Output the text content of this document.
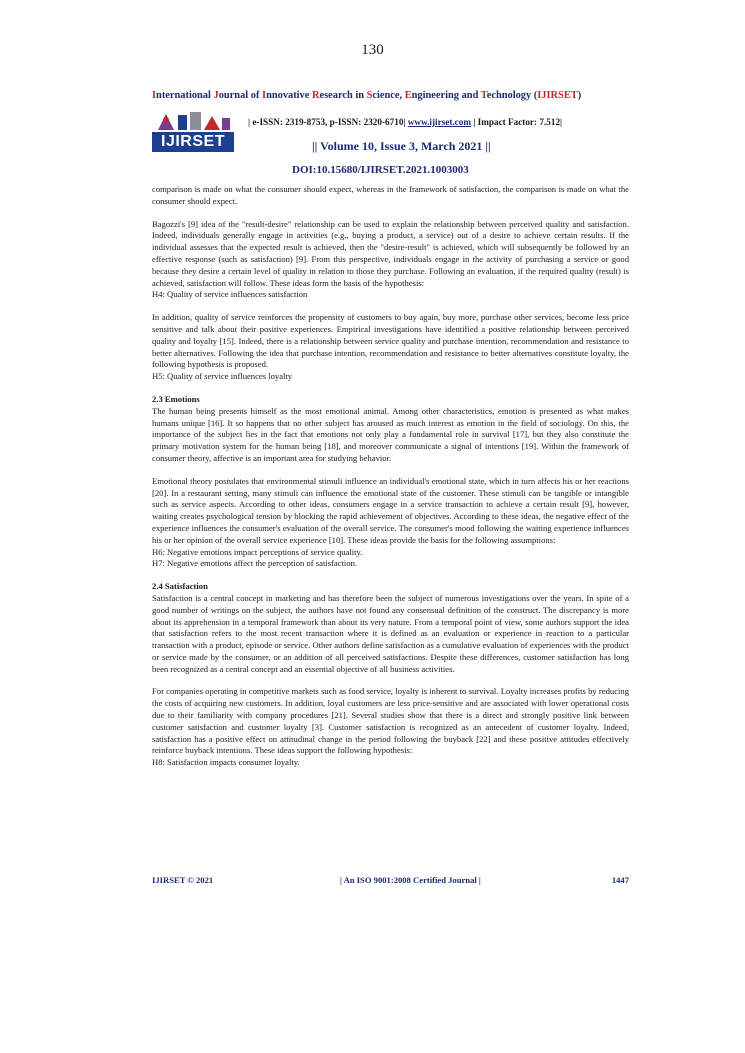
130
International Journal of Innovative Research in Science, Engineering and Technology (IJIRSET)
IJIRSET
| e-ISSN: 2319-8753, p-ISSN: 2320-6710| www.ijirset.com | Impact Factor: 7.512|
|| Volume 10, Issue 3, March 2021 ||
DOI:10.15680/IJIRSET.2021.1003003

comparison is made on what the consumer should expect, whereas in the framework of satisfaction, the comparison is made on what the consumer should expect.

Bagozzi's [9] idea of the "result-desire" relationship can be used to explain the relationship between perceived quality and satisfaction. Indeed, individuals generally engage in activities (e.g., buying a product, a service) out of a desire to achieve certain results. If the individual assesses that the expected result is achieved, then the "desire-result" is achieved, which will subsequently be followed by an effective response (such as satisfaction) [9]. From this perspective, individuals engage in the activity of purchasing a service or good because they desire a certain level of quality in relation to those they purchase. Following an evaluation, if the required quality (result) is achieved, satisfaction will follow. These ideas form the basis of the hypothesis:

H4: Quality of service influences satisfaction

In addition, quality of service reinforces the propensity of customers to buy again, buy more, purchase other services, become less price sensitive and talk about their positive experiences. Empirical investigations have identified a positive relationship between perceived quality and loyalty [15]. Indeed, there is a relationship between service quality and purchase intention, recommendation and resistance to better alternatives. Following the idea that purchase intention, recommendation and resistance to better alternatives constitute loyalty, the following hypothesis is proposed.

H5: Quality of service influences loyalty

2.3 Emotions

The human being presents himself as the most emotional animal. Among other characteristics, emotion is presented as what makes humans unique [16]. It so happens that no other subject has aroused as much interest as emotion in the field of sociology. On this, the importance of the subject lies in the fact that emotions not only play a fundamental role in survival [17], but they also constitute the primary motivation system for the human being [18], and moreover communicate a signal of intentions [19]. Within the framework of consumer theory, affective is an important area for studying behavior.

Emotional theory postulates that environmental stimuli influence an individual's emotional state, which in turn affects his or her reactions [20]. In a restaurant setting, many stimuli can influence the emotional state of the customer. These stimuli can be tangible or intangible such as service aspects. According to other ideas, consumers engage in a service transaction to achieve a certain result [9], however, waiting creates psychological tension by blocking the rapid achievement of objectives. According to these ideas, the negative effect of the experience influences the consumer's evaluation of the overall service. The consumer's mood following the waiting experience influences his or her opinion of the overall service experience [10]. These ideas provide the basis for the following assumptions:

H6: Negative emotions impact perceptions of service quality.

H7: Negative emotions affect the perception of satisfaction.

2.4 Satisfaction

Satisfaction is a central concept in marketing and has therefore been the subject of numerous investigations over the years. In spite of a good number of writings on the subject, the authors have not found any consensual definition of the construct. The discrepancy is more about its apprehension in a temporal framework than about its very nature. From a temporal point of view, some authors support the idea that satisfaction refers to the most recent transaction where it is defined as an evaluation or experience in reaction to a particular transaction with a product, episode or service. Other authors define satisfaction as a cumulative evaluation of experiences with the product or service made by the consumer, or an addition of all perceived satisfactions. Despite these differences, customer satisfaction has long been recognized as a central concept and an essential objective of all business activities.

For companies operating in competitive markets such as food service, loyalty is inherent to survival. Loyalty increases profits by reducing the costs of acquiring new customers. In addition, loyal customers are less price-sensitive and are associated with lower operational costs due to their familiarity with company procedures [21]. Several studies show that there is a direct and strongly positive link between customer satisfaction and customer loyalty [3]. Customer satisfaction is recognized as an antecedent of customer loyalty. Indeed, satisfaction has a positive effect on attitudinal change in the period following the buyback [22] and these positive attitudes effectively reinforce buyback intentions. These ideas support the following hypothesis:

H8: Satisfaction impacts consumer loyalty.

IJIRSET © 2021	| An ISO 9001:2008 Certified Journal |	1447
